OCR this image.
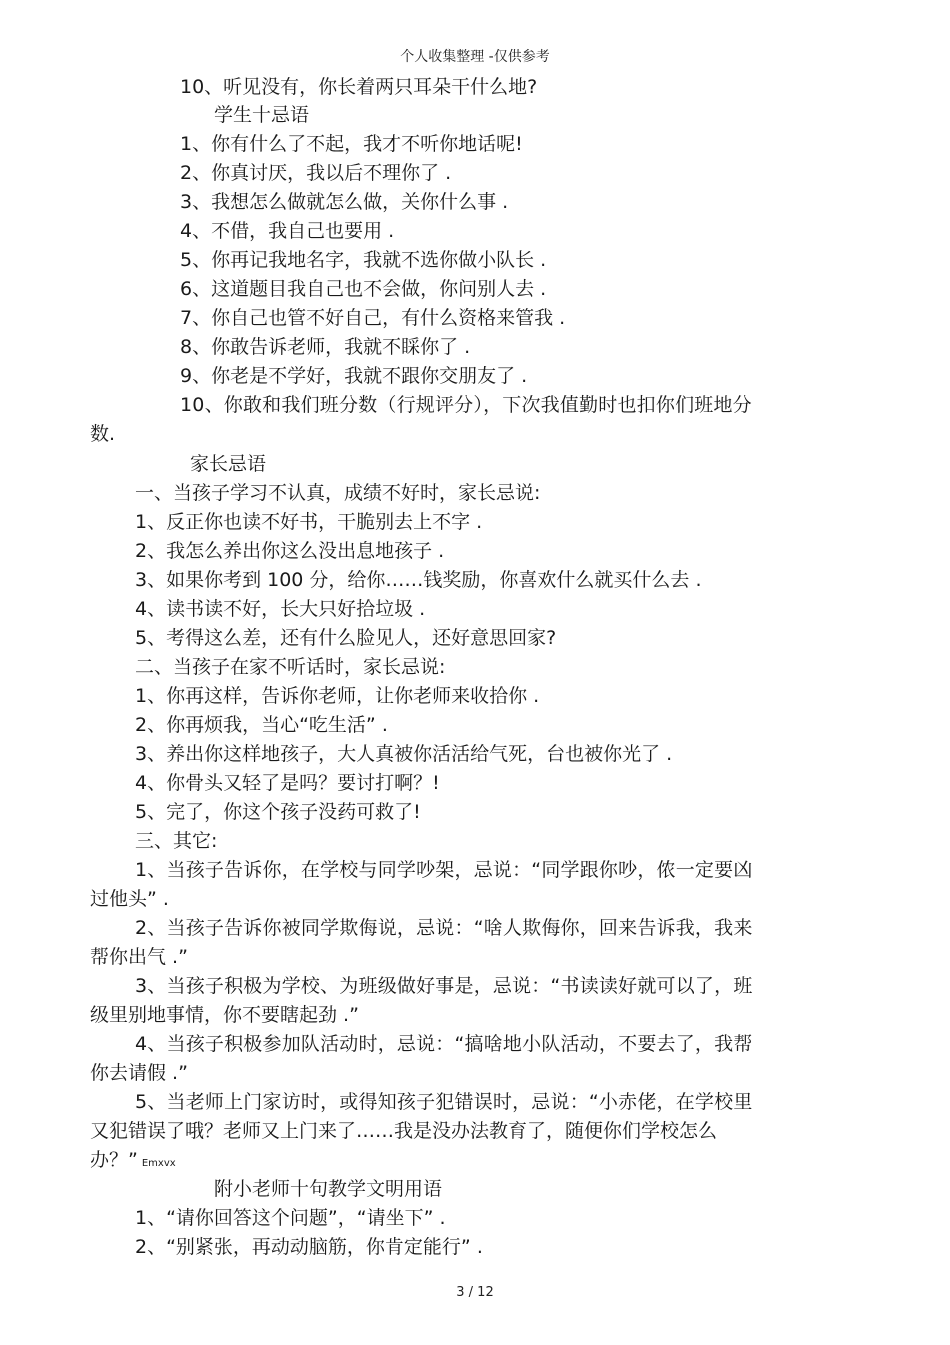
个人收集整理 -仅供参考
10、听见没有，你长着两只耳朵干什么地?
学生十忌语
1、你有什么了不起，我才不听你地话呢!
2、你真讨厌，我以后不理你了 .
3、我想怎么做就怎么做，关你什么事 .
4、不借，我自己也要用 .
5、你再记我地名字，我就不选你做小队长 .
6、这道题目我自己也不会做，你问别人去 .
7、你自己也管不好自己，有什么资格来管我 .
8、你敢告诉老师，我就不睬你了 .
9、你老是不学好，我就不跟你交朋友了 .
10、你敢和我们班分数（行规评分），下次我值勤时也扣你们班地分
数.
家长忌语
一、当孩子学习不认真，成绩不好时，家长忌说:
1、反正你也读不好书，干脆别去上不字 .
2、我怎么养出你这么没出息地孩子 .
3、如果你考到 100 分，给你……钱奖励，你喜欢什么就买什么去 .
4、读书读不好，长大只好拾垃圾 .
5、考得这么差，还有什么脸见人，还好意思回家?
二、当孩子在家不听话时，家长忌说:
1、你再这样，告诉你老师，让你老师来收拾你 .
2、你再烦我，当心“吃生活” .
3、养出你这样地孩子，大人真被你活活给气死，台也被你光了 .
4、你骨头又轻了是吗？要讨打啊？!
5、完了，你这个孩子没药可救了!
三、其它:
1、当孩子告诉你，在学校与同学吵架，忌说：“同学跟你吵，侬一定要凶
过他头” .
2、当孩子告诉你被同学欺侮说，忌说：“啥人欺侮你，回来告诉我，我来
帮你出气 .”
3、当孩子积极为学校、为班级做好事是，忌说：“书读读好就可以了，班
级里别地事情，你不要瞎起劲 .”
4、当孩子积极参加队活动时，忌说：“搞啥地小队活动，不要去了，我帮
你去请假 .”
5、当老师上门家访时，或得知孩子犯错误时，忌说：“小赤佬，在学校里
又犯错误了哦？老师又上门来了……我是没办法教育了，随便你们学校怎么
办？” Emxvx
附小老师十句教学文明用语
1、“请你回答这个问题”，“请坐下” .
2、“别紧张，再动动脑筋，你肯定能行” .
3 / 12
